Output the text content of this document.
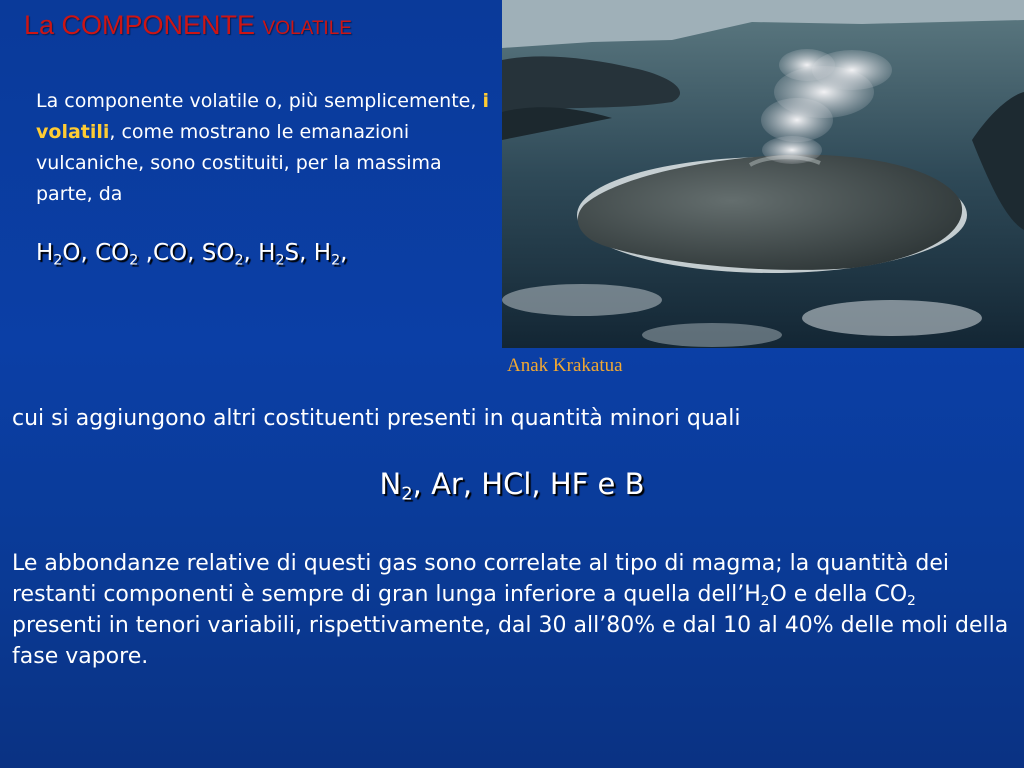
La COMPONENTE VOLATILE
La componente volatile o, più semplicemente, i volatili, come mostrano le emanazioni vulcaniche, sono costituiti, per la massima parte, da
$H_2O$, $CO_2$ ,CO, $SO_2$, $H_2S$, $H_2$,
Anak Krakatua
cui si aggiungono altri costituenti presenti in quantità minori quali
$N_2$, Ar, HCl, HF e B
Le abbondanze relative di questi gas sono correlate al tipo di magma; la quantità dei restanti componenti è sempre di gran lunga inferiore a quella $dell’H_2O$ e della $CO_2$ presenti in tenori variabili, rispettivamente, dal 30 all’80% e dal 10 al 40% delle moli della fase vapore.
